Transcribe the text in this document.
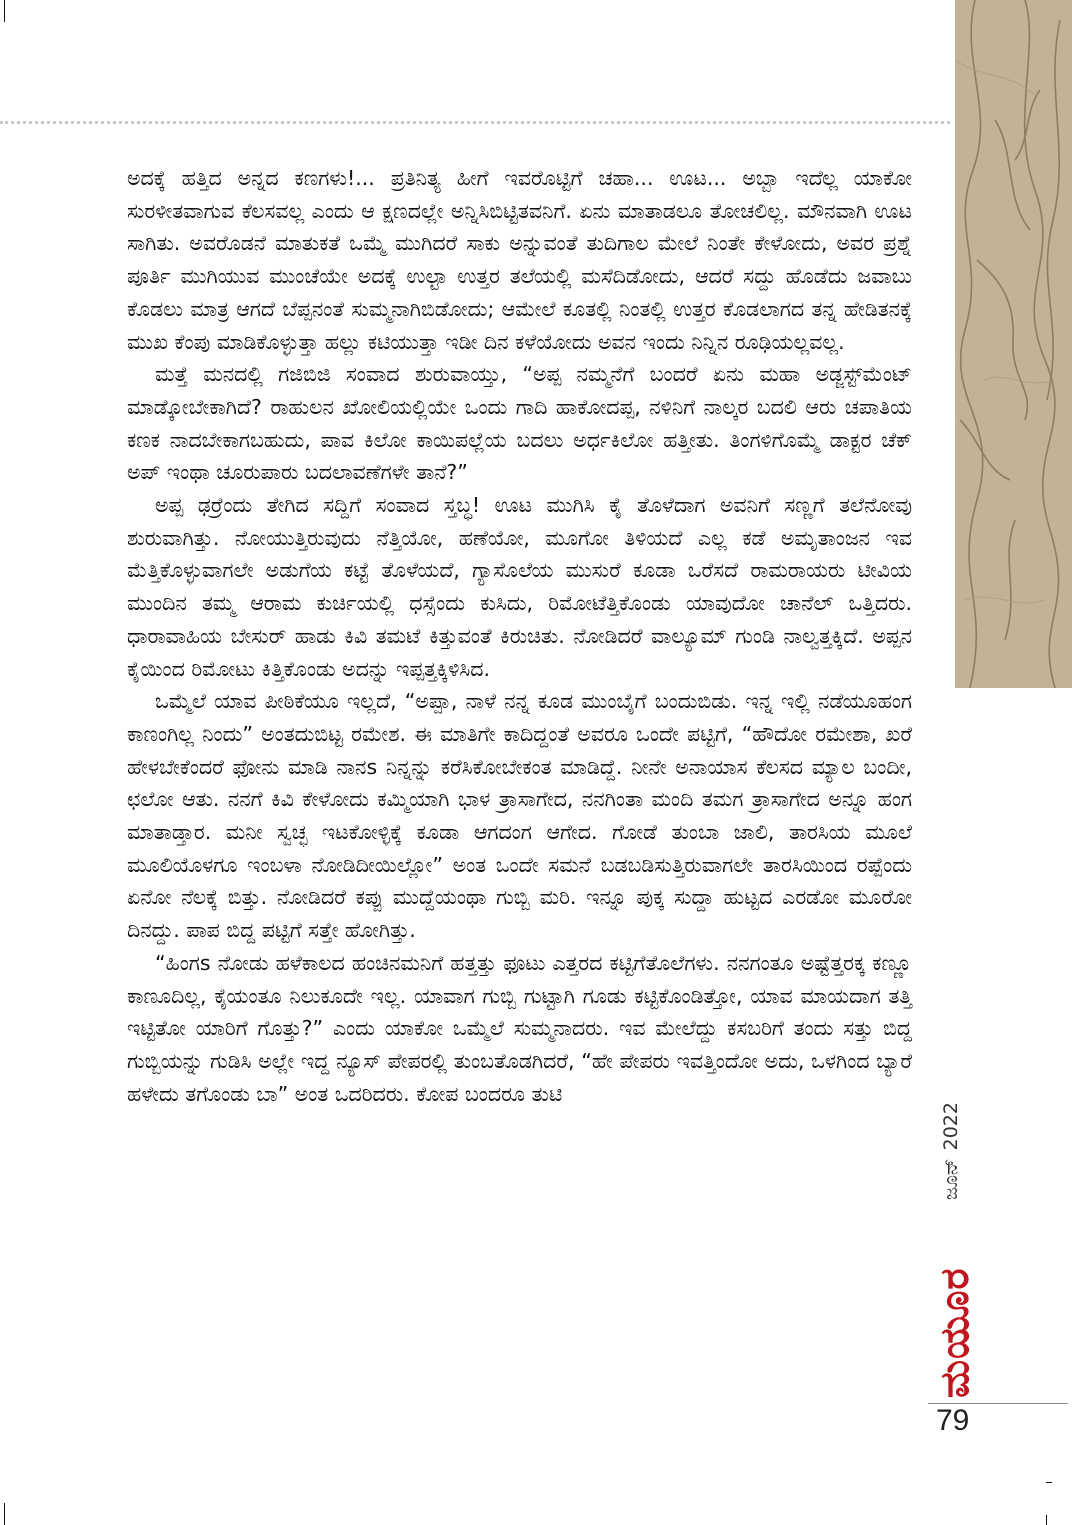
ಅದಕ್ಕೆ ಹತ್ತಿದ ಅನ್ನದ ಕಣಗಳು!... ಪ್ರತಿನಿತ್ಯ ಹೀಗೆ ಇವರೊಟ್ಟಿಗೆ ಚಹಾ... ಊಟ... ಅಬ್ಬಾ ಇದೆಲ್ಲ ಯಾಕೋ ಸುರಳೀತವಾಗುವ ಕೆಲಸವಲ್ಲ ಎಂದು ಆ ಕ್ಷಣದಲ್ಲೇ ಅನ್ನಿಸಿಬಿಟ್ಟಿತವನಿಗೆ. ಏನು ಮಾತಾಡಲೂ ತೋಚಲಿಲ್ಲ. ಮೌನವಾಗಿ ಊಟ ಸಾಗಿತು. ಅವರೊಡನೆ ಮಾತುಕತೆ ಒಮ್ಮೆ ಮುಗಿದರೆ ಸಾಕು ಅನ್ನುವಂತೆ ತುದಿಗಾಲ ಮೇಲೆ ನಿಂತೇ ಕೇಳೋದು, ಅವರ ಪ್ರಶ್ನೆ ಪೂರ್ತಿ ಮುಗಿಯುವ ಮುಂಚೆಯೇ ಅದಕ್ಕೆ ಉಲ್ಟಾ ಉತ್ತರ ತಲೆಯಲ್ಲಿ ಮಸೆದಿಡೋದು, ಆದರೆ ಸದ್ದು ಹೊಡೆದು ಜವಾಬು ಕೊಡಲು ಮಾತ್ರ ಆಗದೆ ಬೆಪ್ಪನಂತೆ ಸುಮ್ಮನಾಗಿಬಿಡೋದು; ಆಮೇಲೆ ಕೂತಲ್ಲಿ ನಿಂತಲ್ಲಿ ಉತ್ತರ ಕೊಡಲಾಗದ ತನ್ನ ಹೇಡಿತನಕ್ಕೆ ಮುಖ ಕೆಂಪು ಮಾಡಿಕೊಳ್ಳುತ್ತಾ ಹಲ್ಲು ಕಟಿಯುತ್ತಾ ಇಡೀ ದಿನ ಕಳೆಯೋದು ಅವನ ಇಂದು ನಿನ್ನಿನ ರೂಢಿಯಲ್ಲವಲ್ಲ.

ಮತ್ತೆ ಮನದಲ್ಲಿ ಗಜಿಬಿಜಿ ಸಂವಾದ ಶುರುವಾಯ್ತು, “ಅಪ್ಪ ನಮ್ಮನೆಗೆ ಬಂದರೆ ಏನು ಮಹಾ ಅಡ್ಜಸ್ಟ್‌ಮೆಂಟ್ ಮಾಡ್ಕೋಬೇಕಾಗಿದೆ? ರಾಹುಲನ ಖೋಲಿಯಲ್ಲಿಯೇ ಒಂದು ಗಾದಿ ಹಾಕೋದಪ್ಪ, ನಳಿನಿಗೆ ನಾಲ್ಕರ ಬದಲಿ ಆರು ಚಪಾತಿಯ ಕಣಕ ನಾದಬೇಕಾಗಬಹುದು, ಪಾವ ಕಿಲೋ ಕಾಯಿಪಲ್ಲೆಯ ಬದಲು ಅರ್ಧಕಿಲೋ ಹತ್ತೀತು. ತಿಂಗಳಿಗೊಮ್ಮೆ ಡಾಕ್ಟರ ಚೆಕ್ ಅಪ್ ಇಂಥಾ ಚೂರುಪಾರು ಬದಲಾವಣೆಗಳೇ ತಾನೆ?”

ಅಪ್ಪ ಢರ್ರೆಂದು ತೇಗಿದ ಸದ್ದಿಗೆ ಸಂವಾದ ಸ್ತಬ್ಧ! ಊಟ ಮುಗಿಸಿ ಕೈ ತೊಳೆದಾಗ ಅವನಿಗೆ ಸಣ್ಣಗೆ ತಲೆನೋವು ಶುರುವಾಗಿತ್ತು. ನೋಯುತ್ತಿರುವುದು ನೆತ್ತಿಯೋ, ಹಣೆಯೋ, ಮೂಗೋ ತಿಳಿಯದೆ ಎಲ್ಲ ಕಡೆ ಅಮೃತಾಂಜನ ಇವ ಮೆತ್ತಿಕೊಳ್ಳುವಾಗಲೇ ಅಡುಗೆಯ ಕಟ್ಟೆ ತೊಳೆಯದೆ, ಗ್ಯಾಸೊಲೆಯ ಮುಸುರೆ ಕೂಡಾ ಒರೆಸದೆ ರಾಮರಾಯರು ಟೀವಿಯ ಮುಂದಿನ ತಮ್ಮ ಆರಾಮ ಕುರ್ಚಿಯಲ್ಲಿ ಧಸ್ಸೆಂದು ಕುಸಿದು, ರಿಮೋಟೆತ್ತಿಕೊಂಡು ಯಾವುದೋ ಚಾನೆಲ್ ಒತ್ತಿದರು. ಧಾರಾವಾಹಿಯ ಬೇಸುರ್ ಹಾಡು ಕಿವಿ ತಮಟೆ ಕಿತ್ತುವಂತೆ ಕಿರುಚಿತು. ನೋಡಿದರೆ ವಾಲ್ಯೂಮ್ ಗುಂಡಿ ನಾಲ್ವತ್ತಕ್ಕಿದೆ. ಅಪ್ಪನ ಕೈಯಿಂದ ರಿಮೋಟು ಕಿತ್ತಿಕೊಂಡು ಅದನ್ನು ಇಪ್ಪತ್ತಕ್ಕಿಳಿಸಿದ.

ಒಮ್ಮೆಲೆ ಯಾವ ಪೀಠಿಕೆಯೂ ಇಲ್ಲದೆ, “ಅಪ್ಪಾ, ನಾಳೆ ನನ್ನ ಕೂಡ ಮುಂಬೈಗೆ ಬಂದುಬಿಡು. ಇನ್ನ ಇಲ್ಲಿ ನಡೆಯೂಹಂಗ ಕಾಣಂಗಿಲ್ಲ ನಿಂದು” ಅಂತದುಬಿಟ್ಟ ರಮೇಶ. ಈ ಮಾತಿಗೇ ಕಾದಿದ್ದಂತೆ ಅವರೂ ಒಂದೇ ಪಟ್ಟಿಗೆ, “ಹೌದೋ ರಮೇಶಾ, ಖರೆ ಹೇಳಬೇಕೆಂದರೆ ಫೋನು ಮಾಡಿ ನಾನs ನಿನ್ನನ್ನು ಕರೆಸಿಕೋಬೇಕಂತ ಮಾಡಿದ್ದೆ. ನೀನೇ ಅನಾಯಾಸ ಕೆಲಸದ ಮ್ಯಾಲ ಬಂದೀ, ಛಲೋ ಆತು. ನನಗೆ ಕಿವಿ ಕೇಳೋದು ಕಮ್ಮಿಯಾಗಿ ಭಾಳ ತ್ರಾಸಾಗೇದ, ನನಗಿಂತಾ ಮಂದಿ ತಮಗ ತ್ರಾಸಾಗೇದ ಅನ್ನೂ ಹಂಗ ಮಾತಾಡ್ತಾರ. ಮನೀ ಸ್ವಚ್ಛ ಇಟಕೋಳ್ಳಿಕ್ಕೆ ಕೂಡಾ ಆಗದಂಗ ಆಗೇದ. ಗೋಡೆ ತುಂಬಾ ಜಾಲಿ, ತಾರಸಿಯ ಮೂಲೆ ಮೂಲಿಯೊಳಗೂ ಇಂಬಳಾ ನೋಡಿದೀಯಿಲ್ಲೋ” ಅಂತ ಒಂದೇ ಸಮನೆ ಬಡಬಡಿಸುತ್ತಿರುವಾಗಲೇ ತಾರಸಿಯಿಂದ ರಪ್ಪೆಂದು ಏನೋ ನೆಲಕ್ಕೆ ಬಿತ್ತು. ನೋಡಿದರೆ ಕಪ್ಪು ಮುದ್ದೆಯಂಥಾ ಗುಬ್ಬಿ ಮರಿ. ಇನ್ನೂ ಪುಕ್ಕ ಸುದ್ದಾ ಹುಟ್ಟದ ಎರಡೋ ಮೂರೋ ದಿನದ್ದು. ಪಾಪ ಬಿದ್ದ ಪಟ್ಟಿಗೆ ಸತ್ತೇ ಹೋಗಿತ್ತು.

“ಹಿಂಗs ನೋಡು ಹಳೆಕಾಲದ ಹಂಚಿನಮನಿಗೆ ಹತ್ತತ್ತು ಫೂಟು ಎತ್ತರದ ಕಟ್ಟಿಗೆತೊಲೆಗಳು. ನನಗಂತೂ ಅಷ್ಟೆತ್ತರಕ್ಕ ಕಣ್ಣೂ ಕಾಣೂದಿಲ್ಲ, ಕೈಯಂತೂ ನಿಲುಕೂದೇ ಇಲ್ಲ. ಯಾವಾಗ ಗುಬ್ಬಿ ಗುಟ್ಟಾಗಿ ಗೂಡು ಕಟ್ಟಿಕೊಂಡಿತ್ತೋ, ಯಾವ ಮಾಯದಾಗ ತತ್ತಿ ಇಟ್ಟಿತೋ ಯಾರಿಗೆ ಗೊತ್ತು?” ಎಂದು ಯಾಕೋ ಒಮ್ಮೆಲೆ ಸುಮ್ಮನಾದರು. ಇವ ಮೇಲೆದ್ದು ಕಸಬರಿಗೆ ತಂದು ಸತ್ತು ಬಿದ್ದ ಗುಬ್ಬಿಯನ್ನು ಗುಡಿಸಿ ಅಲ್ಲೇ ಇದ್ದ ನ್ಯೂಸ್ ಪೇಪರಲ್ಲಿ ತುಂಬತೊಡಗಿದರೆ, “ಹೇ ಪೇಪರು ಇವತ್ತಿಂದೋ ಅದು, ಒಳಗಿಂದ ಬ್ಯಾರೆ ಹಳೇದು ತಗೊಂಡು ಬಾ” ಅಂತ ಒದರಿದರು. ಕೋಪ ಬಂದರೂ ತುಟಿ

ಜೂನ್2022
ಮಯೂರ
79
